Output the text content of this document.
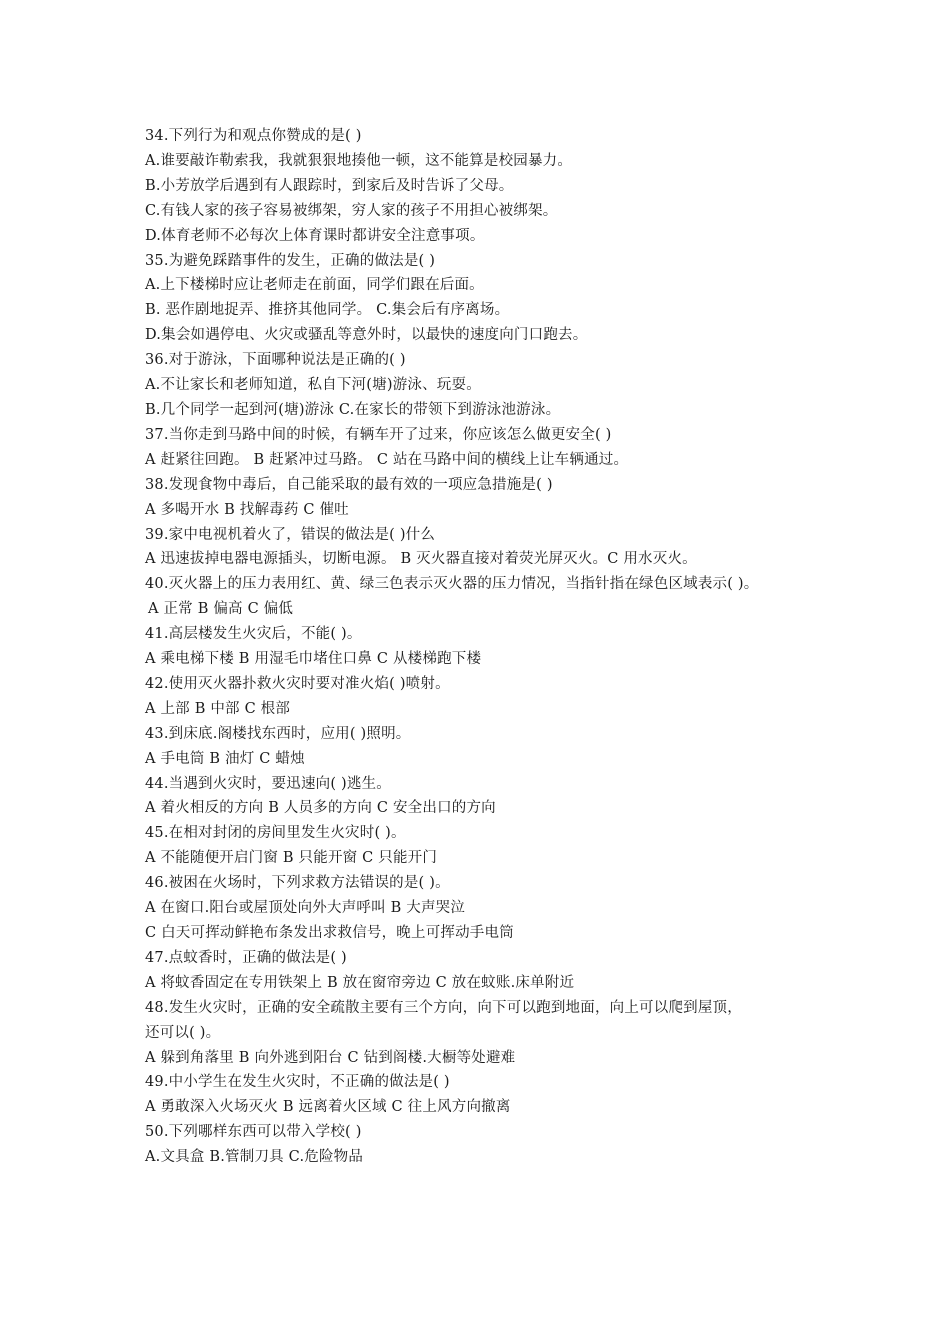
34.下列行为和观点你赞成的是( )
A.谁要敲诈勒索我，我就狠狠地揍他一顿，这不能算是校园暴力。
B.小芳放学后遇到有人跟踪时，到家后及时告诉了父母。
C.有钱人家的孩子容易被绑架，穷人家的孩子不用担心被绑架。
D.体育老师不必每次上体育课时都讲安全注意事项。
35.为避免踩踏事件的发生，正确的做法是( )
A.上下楼梯时应让老师走在前面，同学们跟在后面。
B. 恶作剧地捉弄、推挤其他同学。 C.集会后有序离场。
D.集会如遇停电、火灾或骚乱等意外时，以最快的速度向门口跑去。
36.对于游泳，下面哪种说法是正确的( )
A.不让家长和老师知道，私自下河(塘)游泳、玩耍。
B.几个同学一起到河(塘)游泳 C.在家长的带领下到游泳池游泳。
37.当你走到马路中间的时候，有辆车开了过来，你应该怎么做更安全( )
A 赶紧往回跑。 B 赶紧冲过马路。 C 站在马路中间的横线上让车辆通过。
38.发现食物中毒后，自己能采取的最有效的一项应急措施是( )
A 多喝开水 B 找解毒药 C 催吐
39.家中电视机着火了，错误的做法是( )什么
A 迅速拔掉电器电源插头，切断电源。 B 灭火器直接对着荧光屏灭火。C 用水灭火。
40.灭火器上的压力表用红、黄、绿三色表示灭火器的压力情况，当指针指在绿色区域表示( )。
A 正常 B 偏高 C 偏低
41.高层楼发生火灾后，不能( )。
A 乘电梯下楼 B 用湿毛巾堵住口鼻 C 从楼梯跑下楼
42.使用灭火器扑救火灾时要对准火焰( )喷射。
A 上部 B 中部 C 根部
43.到床底.阁楼找东西时，应用( )照明。
A 手电筒 B 油灯 C 蜡烛
44.当遇到火灾时，要迅速向( )逃生。
A 着火相反的方向 B 人员多的方向 C 安全出口的方向
45.在相对封闭的房间里发生火灾时( )。
A 不能随便开启门窗 B 只能开窗 C 只能开门
46.被困在火场时，下列求救方法错误的是( )。
A 在窗口.阳台或屋顶处向外大声呼叫 B 大声哭泣
C 白天可挥动鲜艳布条发出求救信号，晚上可挥动手电筒
47.点蚊香时，正确的做法是( )
A 将蚊香固定在专用铁架上 B 放在窗帘旁边 C 放在蚊账.床单附近
48.发生火灾时，正确的安全疏散主要有三个方向，向下可以跑到地面，向上可以爬到屋顶，
还可以( )。
A 躲到角落里 B 向外逃到阳台 C 钻到阁楼.大橱等处避难
49.中小学生在发生火灾时，不正确的做法是( )
A 勇敢深入火场灭火 B 远离着火区域 C 往上风方向撤离
50.下列哪样东西可以带入学校( )
A.文具盒 B.管制刀具 C.危险物品
